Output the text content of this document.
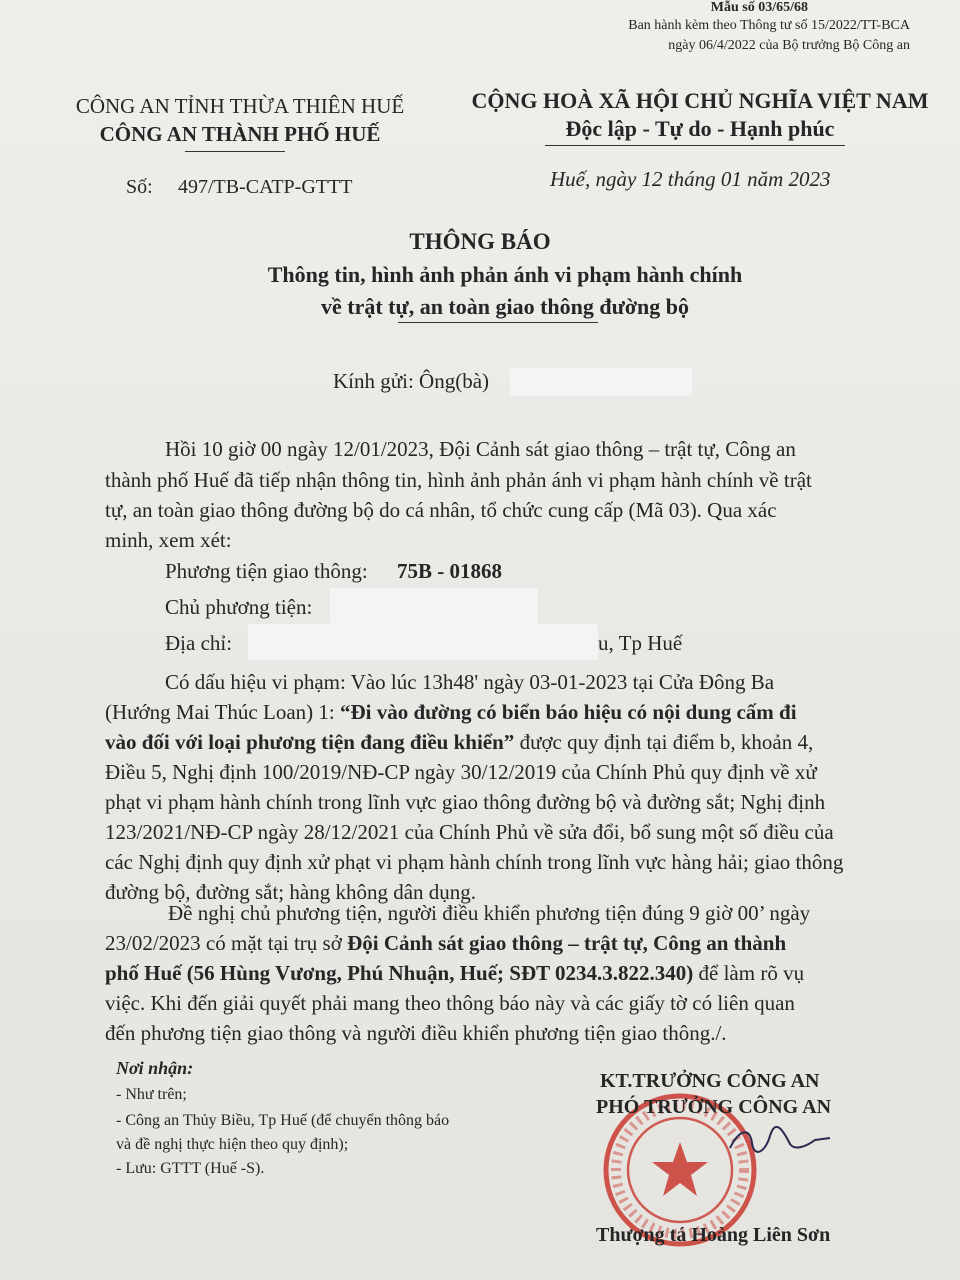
Mẫu số 03/65/68
Ban hành kèm theo Thông tư số 15/2022/TT-BCA
ngày 06/4/2022 của Bộ trưởng Bộ Công an
CÔNG AN TỈNH THỪA THIÊN HUẾ
CÔNG AN THÀNH PHỐ HUẾ
Số: 497/TB-CATP-GTTT
CỘNG HOÀ XÃ HỘI CHỦ NGHĨA VIỆT NAM
Độc lập - Tự do - Hạnh phúc
Huế, ngày 12 tháng 01 năm 2023
THÔNG BÁO
Thông tin, hình ảnh phản ánh vi phạm hành chính
về trật tự, an toàn giao thông đường bộ
Kính gửi: Ông(bà)
Hồi 10 giờ 00 ngày 12/01/2023, Đội Cảnh sát giao thông – trật tự, Công an
thành phố Huế đã tiếp nhận thông tin, hình ảnh phản ánh vi phạm hành chính về trật
tự, an toàn giao thông đường bộ do cá nhân, tổ chức cung cấp (Mã 03). Qua xác
minh, xem xét:
Phương tiện giao thông: 75B - 01868
Chủ phương tiện:
Địa chỉ:	u, Tp Huế
Có dấu hiệu vi phạm: Vào lúc 13h48' ngày 03-01-2023 tại Cửa Đông Ba
(Hướng Mai Thúc Loan) 1: “Đi vào đường có biển báo hiệu có nội dung cấm đi
vào đối với loại phương tiện đang điều khiển” được quy định tại điểm b, khoản 4,
Điều 5, Nghị định 100/2019/NĐ-CP ngày 30/12/2019 của Chính Phủ quy định về xử
phạt vi phạm hành chính trong lĩnh vực giao thông đường bộ và đường sắt; Nghị định
123/2021/NĐ-CP ngày 28/12/2021 của Chính Phủ về sửa đổi, bổ sung một số điều của
các Nghị định quy định xử phạt vi phạm hành chính trong lĩnh vực hàng hải; giao thông
đường bộ, đường sắt; hàng không dân dụng.
Đề nghị chủ phương tiện, người điều khiển phương tiện đúng 9 giờ 00’ ngày
23/02/2023 có mặt tại trụ sở Đội Cảnh sát giao thông – trật tự, Công an thành
phố Huế (56 Hùng Vương, Phú Nhuận, Huế; SĐT 0234.3.822.340) để làm rõ vụ
việc. Khi đến giải quyết phải mang theo thông báo này và các giấy tờ có liên quan
đến phương tiện giao thông và người điều khiển phương tiện giao thông./.
Nơi nhận:
- Như trên;
- Công an Thủy Biều, Tp Huế (để chuyển thông báo
và đề nghị thực hiện theo quy định);
- Lưu: GTTT (Huế -S).
KT.TRƯỞNG CÔNG AN
PHÓ TRƯỞNG CÔNG AN
Thượng tá Hoàng Liên Sơn
